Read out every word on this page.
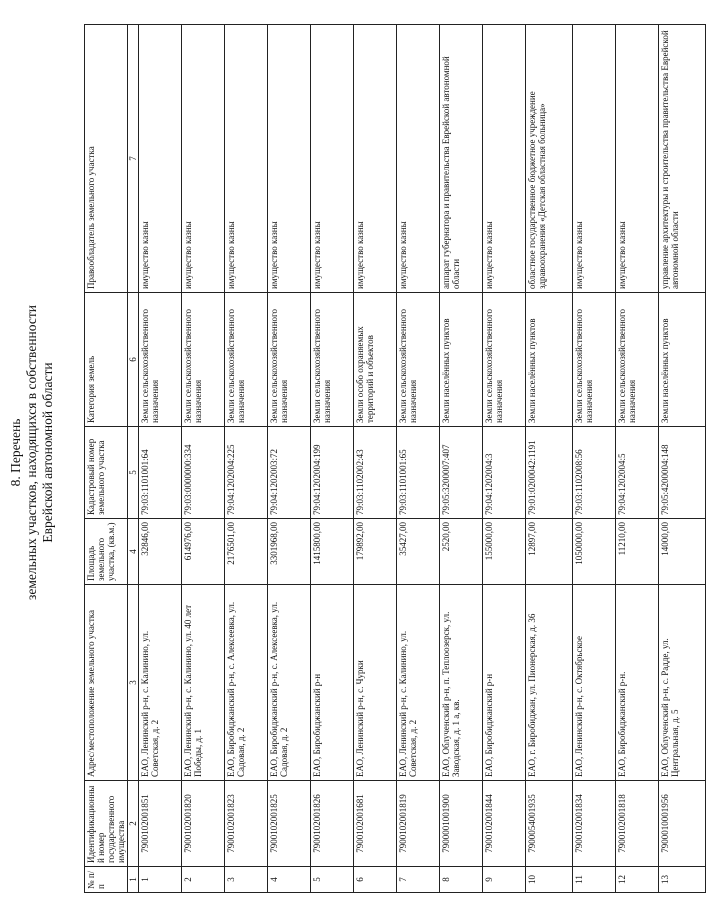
8. Перечень земельных участков, находящихся в собственности Еврейской автономной области
№ п/п	Идентификационный номер государственного имущества	Адрес/местоположение земельного участка	Площадь земельного участка, (кв.м.)	Кадастровый номер земельного участка	Категория земель	Правообладатель земельного участка
1	2	3	4	5	6	7
1	790010200185​1	ЕАО, Ленинский р-н, с. Калинино, ул. Советская, д. 2	32846,00	79:03:1101001:64	Земли сельскохозяйственного назначения	имущество казны
2	7900102001820	ЕАО, Ленинский р-н, с. Калинино, ул. 40 лет Победы, д. 1	614976,00	79:03:0000000:334	Земли сельскохозяйственного назначения	имущество казны
3	7900102001823	ЕАО, Биробиджанский р-н, с. Алексеевка, ул. Садовая, д. 2	2176501,00	79:04:1202004:225	Земли сельскохозяйственного назначения	имущество казны
4	7900102001825	ЕАО, Биробиджанский р-н, с. Алексеевка, ул. Садовая, д. 2	3301968,00	79:04:1202003:72	Земли сельскохозяйственного назначения	имущество казны
5	7900102001826	ЕАО, Биробиджанский р-н	1415800,00	79:04:1202004:199	Земли сельскохозяйственного назначения	имущество казны
6	7900102001681	ЕАО, Ленинский р-н, с. Чурки	179892,00	79:03:1102002:43	Земли особо охраняемых территорий и объектов	имущество казны
7	7900102001819	ЕАО, Ленинский р-н, с. Калинино, ул. Советская, д. 2	35427,00	79:03:1101001:65	Земли сельскохозяйственного назначения	имущество казны
8	7900001001900	ЕАО, Облученский р-н, п. Теплоозерск, ул. Заводская, д. 1 а, кв.	2520,00	79:05:3200007:407	Земли населённых пунктов	аппарат губернатора и правительства Еврейской автономной области
9	7900102001844	ЕАО, Биробиджанский р-н	155000,00	79:04:1202004:3	Земли сельскохозяйственного назначения	имущество казны
10	7900054001935	ЕАО, г. Биробиджан, ул. Пионерская, д. 36	12897,00	79:01:0200042:1191	Земли населённых пунктов	областное государственное бюджетное учреждение здравоохранения «Детская областная больница»
11	7900102001834	ЕАО, Ленинский р-н, с. Октябрьское	1050000,00	79:03:1102008:56	Земли сельскохозяйственного назначения	имущество казны
12	7900102001818	ЕАО, Биробиджанский р-н.	11210,00	79:04:1202004:5	Земли сельскохозяйственного назначения	имущество казны
13	7900010001956	ЕАО, Облученский р-н, с. Радде, ул. Центральная, д. 5	14000,00	79:05:4200004:148	Земли населённых пунктов	управление архитектуры и строительства правительства Еврейской автономной области
